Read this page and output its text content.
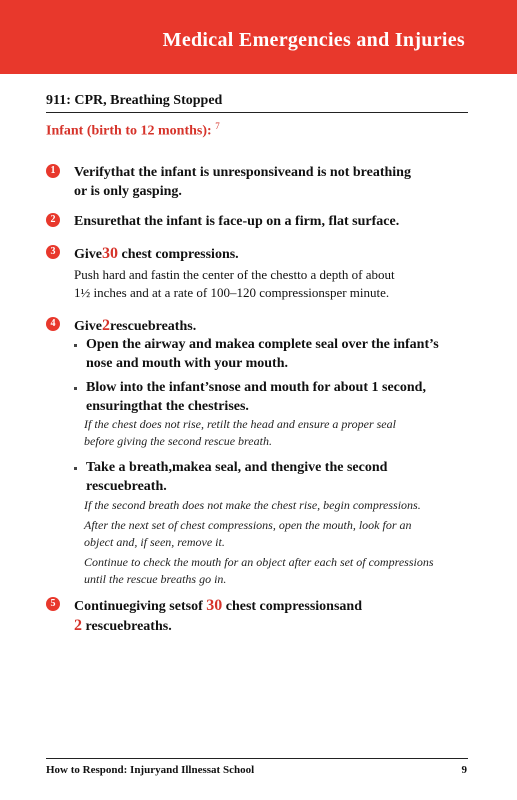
Medical Emergencies and Injuries
911: CPR, Breathing Stopped
Infant (birth to 12 months): $^7$
1	Verifythat the infant is unresponsiveand is not breathing
or is only gasping.
2	Ensurethat the infant is face-up on a firm, flat surface.
3	Give30 chest compressions.
Push hard and fastin the center of the chestto a depth of about
1½ inches and at a rate of 100–120 compressionsper minute.
4	Give2rescuebreaths.
Open the airway and makea complete seal over the infant’s
nose and mouth with your mouth.
Blow into the infant’snose and mouth for about 1 second,
ensuringthat the chestrises.
If the chest does not rise, retilt the head and ensure a proper seal
before giving the second rescue breath.
Take a breath,makea seal, and thengive the second
rescuebreath.
If the second breath does not make the chest rise, begin compressions.
After the next set of chest compressions, open the mouth, look for an
object and, if seen, remove it.
Continue to check the mouth for an object after each set of compressions
until the rescue breaths go in.
5	Continuegiving setsof 30 chest compressionsand
2 rescuebreaths.
How to Respond: Injuryand Illnessat School	9
